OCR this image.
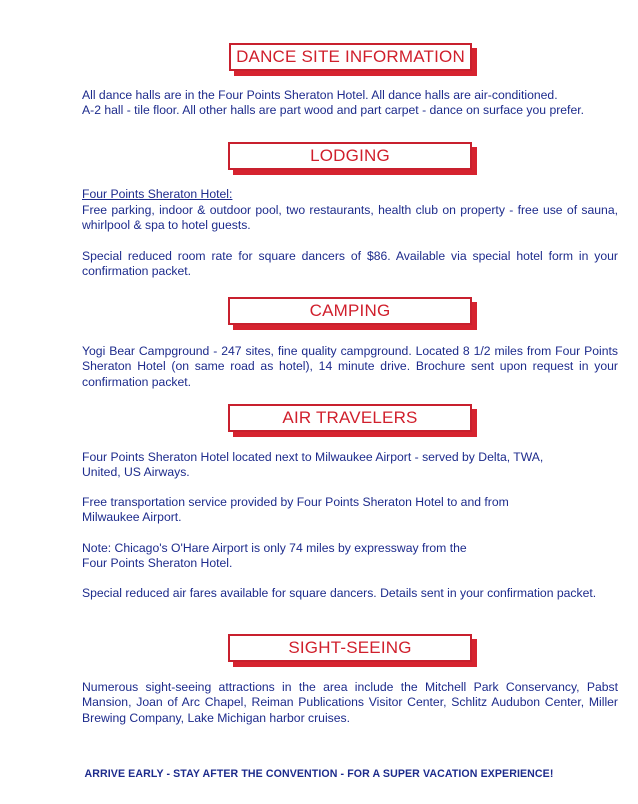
DANCE SITE INFORMATION
All dance halls are in the Four Points Sheraton Hotel. All dance halls are air-conditioned.
A-2 hall - tile floor. All other halls are part wood and part carpet - dance on surface you prefer.
LODGING
Four Points Sheraton Hotel:
Free parking, indoor & outdoor pool, two restaurants, health club on property - free use of sauna, whirlpool & spa to hotel guests.
Special reduced room rate for square dancers of $86. Available via special hotel form in your confirmation packet.
CAMPING
Yogi Bear Campground - 247 sites, fine quality campground. Located 8 1/2 miles from Four Points Sheraton Hotel (on same road as hotel), 14 minute drive. Brochure sent upon request in your confirmation packet.
AIR TRAVELERS
Four Points Sheraton Hotel located next to Milwaukee Airport - served by Delta, TWA,
United, US Airways.
Free transportation service provided by Four Points Sheraton Hotel to and from
Milwaukee Airport.
Note: Chicago's O'Hare Airport is only 74 miles by expressway from the
Four Points Sheraton Hotel.
Special reduced air fares available for square dancers. Details sent in your confirmation packet.
SIGHT-SEEING
Numerous sight-seeing attractions in the area include the Mitchell Park Conservancy, Pabst Mansion, Joan of Arc Chapel, Reiman Publications Visitor Center, Schlitz Audubon Center, Miller Brewing Company, Lake Michigan harbor cruises.
ARRIVE EARLY - STAY AFTER THE CONVENTION - FOR A SUPER VACATION EXPERIENCE!
